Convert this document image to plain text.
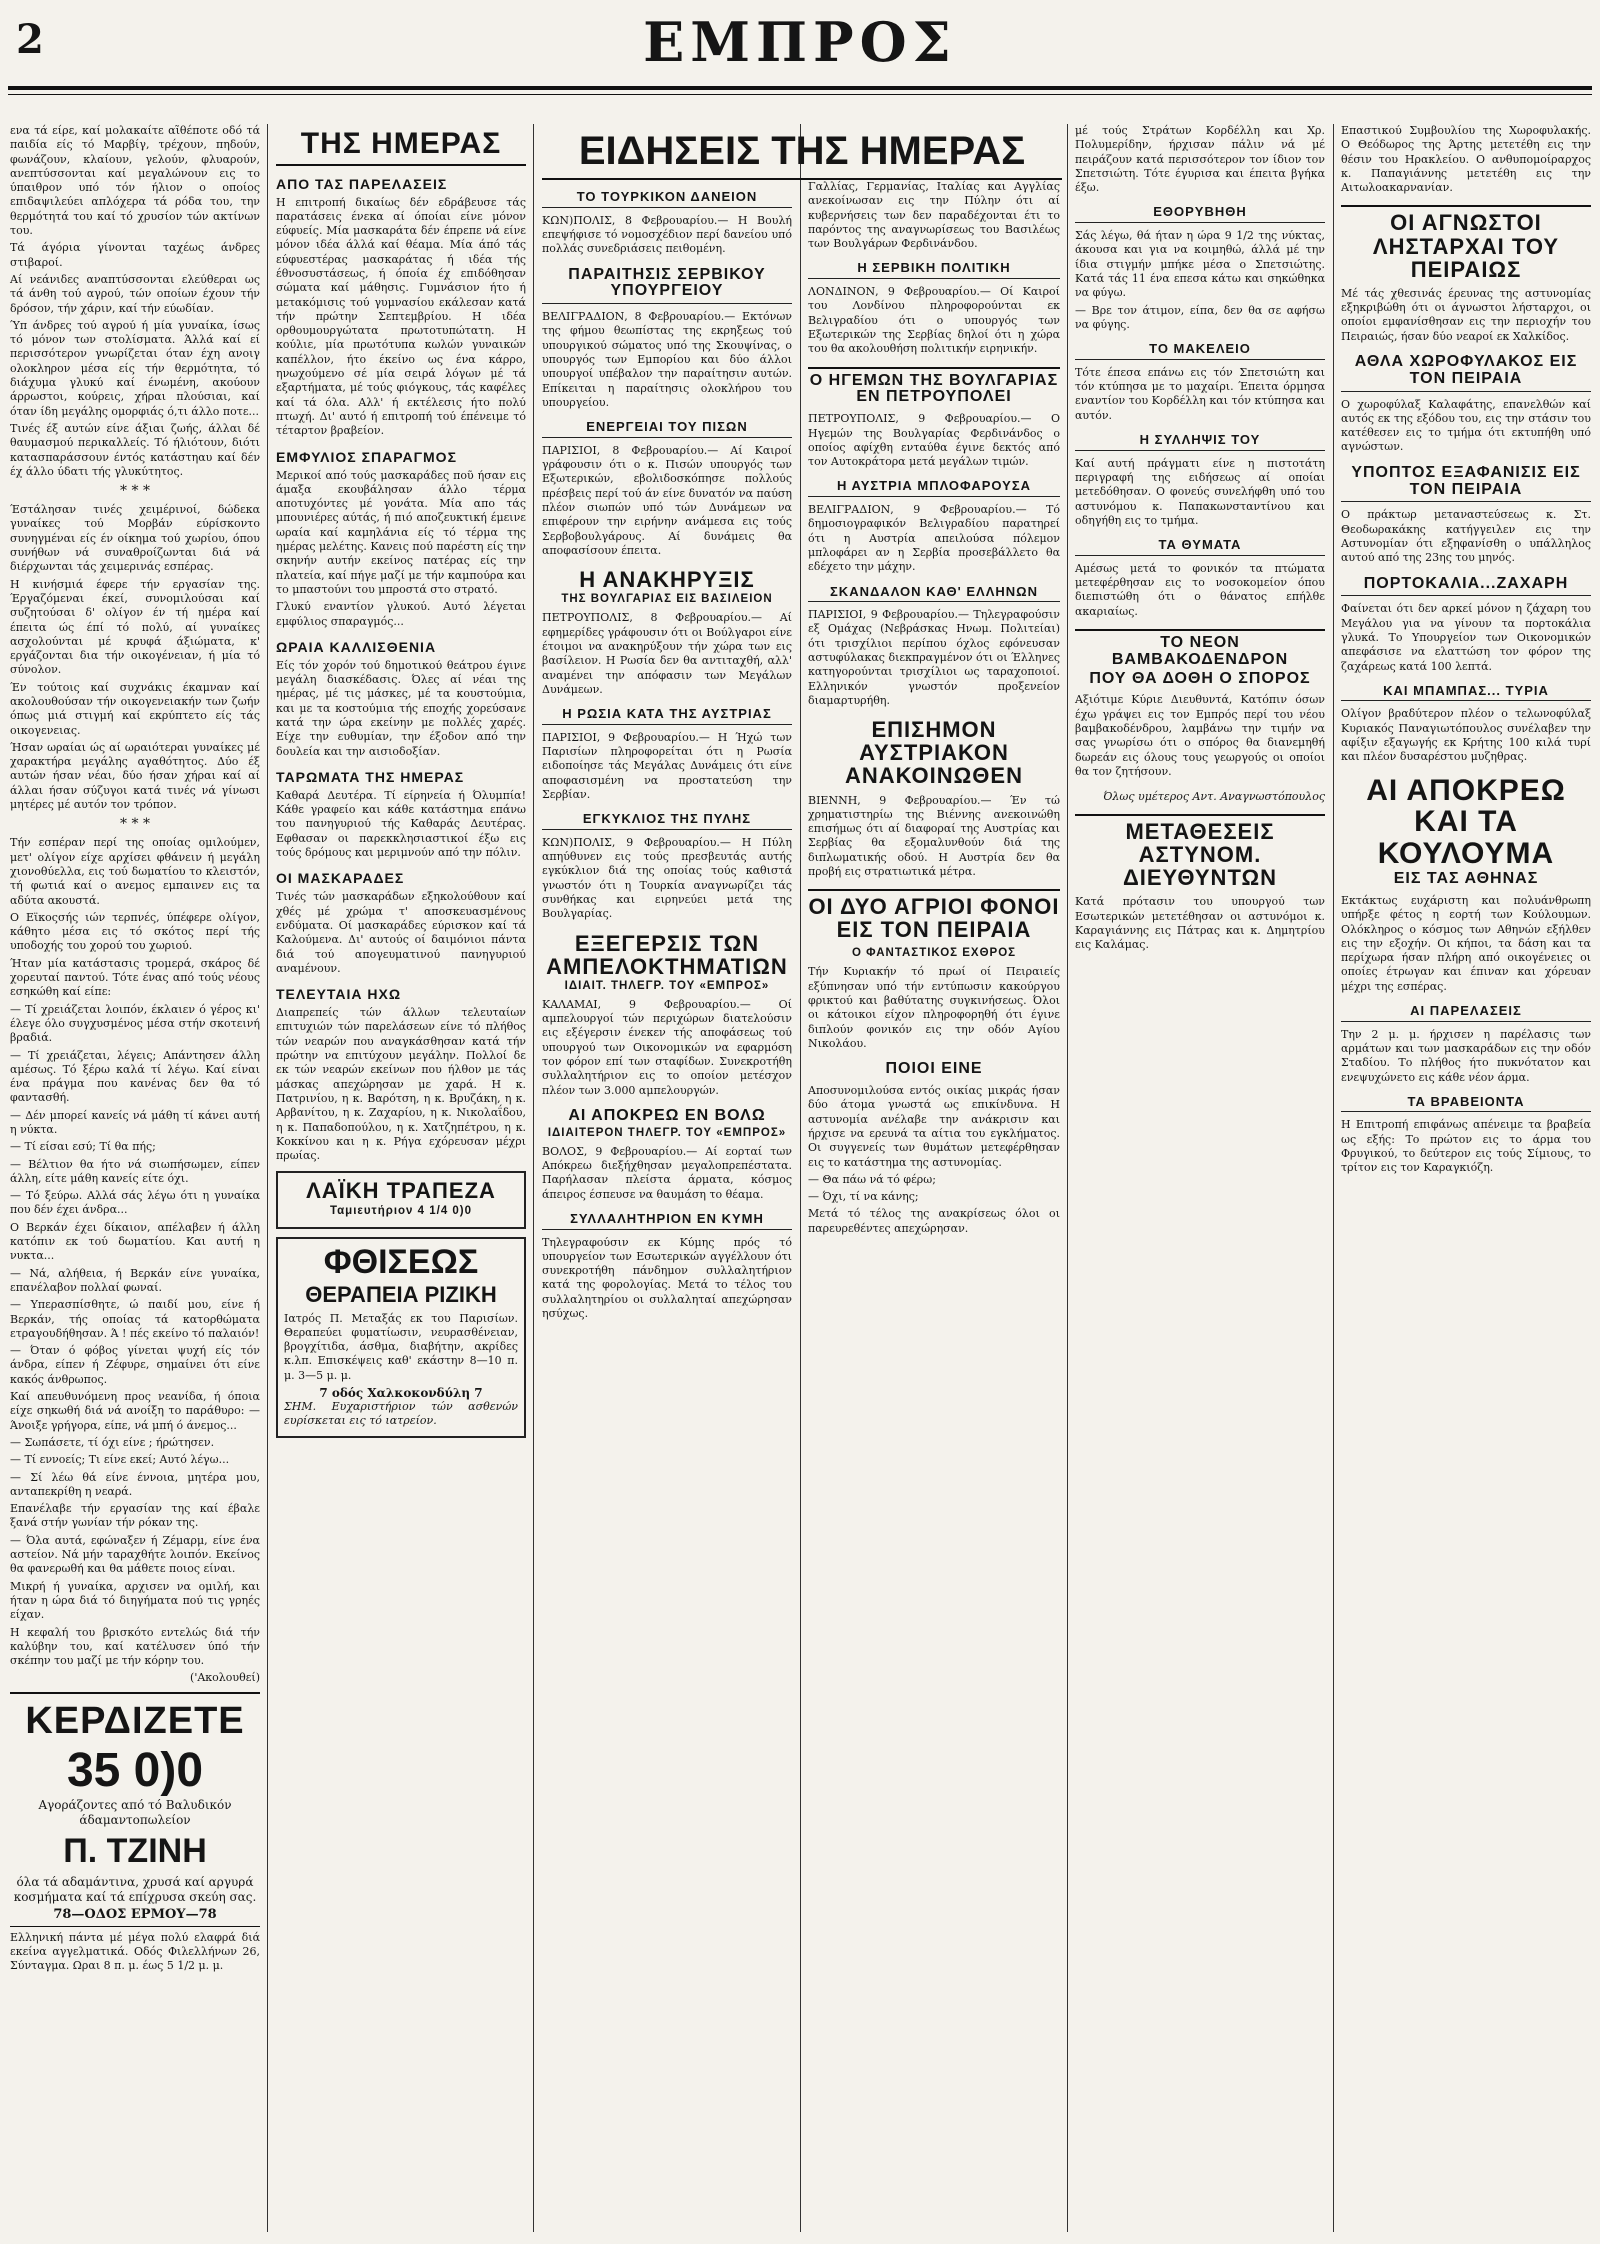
2	ΕΜΠΡΟΣ

ενα τά είρε, καί μολακαίτε αι̃θέποτε οδό τά παιδία είς τό Μαρβίγ, τρέχουν, πηδούν, φωνάζουν, κλαίουν, γελούν, φλυαρούν, ανεπτύσσονται καί μεγαλώνουν εις το ύπαιθρον υπό τόν ήλιον ο οποίος επιδαψιλεύει απλόχερα τά ρόδα του, την θερμότητά του καί τό χρυσίον τών ακτίνων του.

Τά άγόρια γίνονται ταχέως άνδρες στιβαροί.

Αί νεάνιδες αναπτύσσονται ελεύθεραι ως τά άνθη τού αγρού, τών οποίων έχουν τήν δρόσον, τήν χάριν, καί τήν εύωδίαν.

Ύπ άνδρες τού αγρού ή μία γυναίκα, ίσως τό μόνον των στολίσματα. Άλλά καί εί περισσότερον γνωρίζεται όταν έχη ανοιγ ολοκληρον μέσα είς τήν θερμότητα, τό διάχυμα γλυκύ καί ένωμένη, ακούουν άρρωστοι, κούρεις, χήραι πλούσιαι, καί όταν ίδη μεγάλης ομορφιάς ό,τι άλλο ποτε...

Τινές έξ αυτών είνε άξιαι ζωής, άλλαι δέ θαυμασμού περικαλλείς. Τό ήλιότουν, διότι κατασπαράσσουν έντός κατάστηαυ καί δέν έχ άλλο ύδατι τής γλυκύτητος.

* * *

Έστάλησαν τινές χειμέρινοί, δώδεκα γυναίκες τού Μορβάν εύρίσκοντο συνηγμέναι είς έν οίκημα τού χωρίου, όπου συνήθων νά συναθροίζωνται διά νά διέρχωνται τάς χειμερινάς εσπέρας.

Η κινήσμιά έφερε τήν εργασίαν της. Έργαζόμεναι έκεί, συνομιλούσαι καί συζητούσαι δ' ολίγον έν τή ημέρα καί έπειτα ώς έπί τό πολύ, αί γυναίκες ασχολούνται μέ κρυφά άξιώματα, κ' εργάζονται δια τήν οικογένειαν, ή μία τό σύνολον.

Έν τούτοις καί συχνάκις έκαμναν καί ακολουθούσαν τήν οικογενειακήν των ζωήν όπως μιά στιγμή καί εκρύπτετο είς τάς οικογενειας.

Ήσαν ωραίαι ώς αί ωραιότεραι γυναίκες μέ χαρακτήρα μεγάλης αγαθότητος. Δύο έξ αυτών ήσαν νέαι, δύο ήσαν χήραι καί αί άλλαι ήσαν σύζυγοι κατά τινές νά γίνωσι μητέρες μέ αυτόν τον τρόπον.

* * *

Τήν εσπέραν περί της οποίας ομιλούμεν, μετ' ολίγον είχε αρχίσει φθάνειν ή μεγάλη χιονοθύελλα, εις τού δωματίου το κλειστόν, τή φωτιά καί ο ανεμος εμπαινεν εις τα αδύτα ακουστά.

Ο Εϊκοςσής ιών τερπνές, ύπέφερε ολίγον, κάθητο μέσα εις τό σκότος περί τής υποδοχής του χορού του χωριού.

Ήταν μία κατάστασις τρομερά, σκάρος δέ χορευταί παντού. Τότε ένας από τούς νέους εσηκώθη καί είπε:

— Τί χρειάζεται λοιπόν, έκλαιεν ό γέρος κι' έλεγε όλο συγχυσμένος μέσα στήν σκοτεινή βραδιά.

— Τί χρειάζεται, λέγεις; Απάντησεν άλλη αμέσως. Τό ξέρω καλά τί λέγω. Καί είναι ένα πράγμα που κανένας δεν θα τό φαντασθή.

— Δέν μπορεί κανείς νά μάθη τί κάνει αυτή η νύκτα.

— Τί είσαι εσύ; Τί θα πής;

— Βέλτιον θα ήτο νά σιωπήσωμεν, είπεν άλλη, είτε μάθη κανείς είτε όχι.

— Τό ξεύρω. Αλλά σάς λέγω ότι η γυναίκα που δέν έχει άνδρα...

Ο Βερκάν έχει δίκαιον, απέλαβεν ή άλλη κατόπιν εκ τού δωματίου. Και αυτή η νυκτα...

— Νά, αλήθεια, ή Βερκάν είνε γυναίκα, επανέλαβον πολλαί φωναί.

— Υπερασπίσθητε, ώ παιδί μου, είνε ή Βερκάν, τής οποίας τά κατορθώματα ετραγουδήθησαν. Ά ! πές εκείνο τό παλαιόν!

— Όταν ό φόβος γίνεται ψυχή είς τόν άνδρα, είπεν ή Ζέφυρε, σημαίνει ότι είνε κακός άνθρωπος.

Καί απευθυνόμενη προς νεανίδα, ή όποια είχε σηκωθή διά νά ανοίξη το παράθυρο: — Άνοιξε γρήγορα, είπε, νά μπή ό άνεμος...

— Σωπάσετε, τί όχι είνε ; ήρώτησεν.

— Τί εννοείς; Τι είνε εκεί; Αυτό λέγω...

— Σί λέω θά είνε έννοια, μητέρα μου, ανταπεκρίθη η νεαρά.

Επανέλαβε τήν εργασίαν της καί έβαλε ξανά στήν γωνίαν τήν ρόκαν της.

— Όλα αυτά, εφώναξεν ή Ζέμαρμ, είνε ένα αστείον. Νά μήν ταραχθήτε λοιπόν. Εκείνος θα φανερωθή και θα μάθετε ποιος είναι.

Μικρή ή γυναίκα, αρχισεν να ομιλή, και ήταν η ώρα διά τό διηγήματα πού τις γρηές είχαν.

Η κεφαλή του βρισκότο εντελώς διά τήν καλύβην του, καί κατέλυσεν ύπό τήν σκέπην του μαζί με τήν κόρην του.

('Ακολουθεί)

ΚΕΡΔΙΖΕΤΕ
35 0)0
Αγοράζοντες από τό Βαλυδικόν άδαμαντοπωλείον
Π. ΤΖΙΝΗ
όλα τά αδαμάντινα, χρυσά καί αργυρά κοσμήματα καί τά επίχρυσα σκεύη σας.
78—ΟΔΟΣ ΕΡΜΟΥ—78

Ελληνική πάντα μέ μέγα πολύ ελαφρά διά εκείνα αγγελματικά. Οδός Φιλελλήνων 26, Σύνταγμα. Ωραι 8 π. μ. έως 5 1/2 μ. μ.

ΤΗΣ ΗΜΕΡΑΣ
ΑΠΟ ΤΑΣ ΠΑΡΕΛΑΣΕΙΣ

Η επιτροπή δικαίως δέν εδράβευσε τάς παρατάσεις ένεκα αί όποίαι είνε μόνον εύφυείς. Μία μασκαράτα δέν έπρεπε νά είνε μόνον ιδέα άλλά καί θέαμα. Μία άπό τάς εύφυεστέρας μασκαράτας ή ιδέα τής έθνοσυστάσεως, ή όποία έχ επιδόθησαν σώματα καί μάθησις. Γυμνάσιον ήτο ή μετακόμισις τού γυμνασίου εκάλεσαν κατά τήν πρώτην Σεπτεμβρίου. Η ιδέα ορθουμουργώτατα πρωτοτυπώτατη. Η κούλιε, μία πρωτότυπα κωλών γυναικών καπέλλον, ήτο έκείνο ως ένα κάρρο, ηνωχούμενο σέ μία σειρά λόγων μέ τά εξαρτήματα, μέ τούς φιόγκους, τάς καφέλες καί τά όλα. Αλλ' ή εκτέλεσις ήτο πολύ πτωχή. Δι' αυτό ή επιτροπή τού έπένειμε τό τέταρτον βραβείον.

ΕΜΦΥΛΙΟΣ ΣΠΑΡΑΓΜΟΣ

Μερικοί από τούς μασκαράδες ποῦ ήσαν εις άμαξα εκουβάλησαν άλλο τέρμα αποτυχόντες μέ γονάτα. Μία απο τάς μπουνιέρες αύτάς, ή πιό αποζευκτική έμεινε ωραία καί καμηλάνια είς τό τέρμα της ημέρας μελέτης. Κανεις πού παρέστη είς την σκηνήν αυτήν εκείνος πατέρας είς την πλατεία, καί πήγε μαζί με τήν καμπούρα και το μπαστούνι του μπροστά στο στρατό.

Γλυκύ εναντίον γλυκού. Αυτό λέγεται εμφύλιος σπαραγμός...

ΩΡΑΙΑ ΚΑΛΛΙΣΘΕΝΙΑ

Είς τόν χορόν τού δημοτικού θεάτρου έγινε μεγάλη διασκέδασις. Όλες αί νέαι της ημέρας, μέ τις μάσκες, μέ τα κουστούμια, και με τα κοστούμια τής εποχής χορεύσανε κατά την ώρα εκείνην με πολλές χαρές. Είχε την ευθυμίαν, την έξοδον από την δουλεία και την αισιοδοξίαν.

ΤΑΡΩΜΑΤΑ ΤΗΣ ΗΜΕΡΑΣ

Καθαρά Δευτέρα. Τί είρηνεία ή Όλυμπία! Κάθε γραφείο και κάθε κατάστημα επάνω του πανηγυριού τής Καθαράς Δευτέρας. Εφθασαν οι παρεκκλησιαστικοί έξω εις τούς δρόμους και μεριμνούν από την πόλιν.

ΟΙ ΜΑΣΚΑΡΑΔΕΣ

Τινές τών μασκαράδων εξηκολούθουν καί χθές μέ χρώμα τ' αποσκευασμένους ενδύματα. Οί μασκαράδες εύρισκον καί τά Καλούμενα. Δι' αυτούς οί δαιμόνιοι πάντα διά τού απογευματινού πανηγυριού αναμένουν.

ΤΕΛΕΥΤΑΙΑ ΗΧΩ

Διαπρεπείς τών άλλων τελευταίων επιτυχιών τών παρελάσεων είνε τό πλήθος τών νεαρών που αναγκάσθησαν κατά τήν πρώτην να επιτύχουν μεγάλην. Πολλοί δε εκ τών νεαρών εκείνων που ήλθον με τάς μάσκας απεχώρησαν με χαρά. Η κ. Πατρινίου, η κ. Βαρότση, η κ. Βρυζάκη, η κ. Αρβανίτου, η κ. Ζαχαρίου, η κ. Νικολαΐδου, η κ. Παπαδοπούλου, η κ. Χατζηπέτρου, η κ. Κοκκίνου και η κ. Ρήγα εχόρευσαν μέχρι πρωίας.

ΛΑΪΚΗ ΤΡΑΠΕΖΑ
Ταμιευτήριον 4 1/4 0)0
ΦΘΙΣΕΩΣ
ΘΕΡΑΠΕΙΑ ΡΙΖΙΚΗ

Ιατρός Π. Μεταξάς εκ του Παρισίων. Θεραπεύει φυματίωσιν, νευρασθένειαν, βρογχίτιδα, άσθμα, διαβήτην, ακρίδες κ.λπ. Επισκέψεις καθ' εκάστην 8—10 π. μ. 3—5 μ. μ.

7 οδός Χαλκοκονδύλη 7

ΣΗΜ. Ευχαριστήριον τών ασθενών ευρίσκεται εις τό ιατρείον.

ΕΙΔΗΣΕΙΣ ΤΗΣ ΗΜΕΡΑΣ
ΤΟ ΤΟΥΡΚΙΚΟΝ ΔΑΝΕΙΟΝ

ΚΩΝ)ΠΟΛΙΣ, 8 Φεβρουαρίου.— Η Βουλή επεψήφισε τό νομοσχέδιον περί δανείου υπό πολλάς συνεδριάσεις πειθομένη.

ΠΑΡΑΙΤΗΣΙΣ ΣΕΡΒΙΚΟΥ ΥΠΟΥΡΓΕΙΟΥ

ΒΕΛΙΓΡΑΔΙΟΝ, 8 Φεβρουαρίου.— Εκτόνων της φήμου θεωπίστας της εκρηξεως τού υπουργικού σώματος υπό της Σκουψίνας, ο υπουργός των Εμπορίου και δύο άλλοι υπουργοί υπέβαλον την παραίτησιν αυτών. Επίκειται η παραίτησις ολοκλήρου του υπουργείου.

ΕΝΕΡΓΕΙΑΙ ΤΟΥ ΠΙΣΩΝ

ΠΑΡΙΣΙΟΙ, 8 Φεβρουαρίου.— Αί Καιροί γράφουσιν ότι ο κ. Πισών υπουργός των Εξωτερικών, εβολιδοσκόπησε πολλούς πρέσβεις περί τού άν είνε δυνατόν να παύση πλέον σιωπών υπό τών Δυνάμεων να επιφέρουν την ειρήνην ανάμεσα εις τούς Σερβοβουλγάρους. Αί δυνάμεις θα αποφασίσουν έπειτα.

Η ΑΝΑΚΗΡΥΞΙΣ
ΤΗΣ ΒΟΥΛΓΑΡΙΑΣ ΕΙΣ ΒΑΣΙΛΕΙΟΝ

ΠΕΤΡΟΥΠΟΛΙΣ, 8 Φεβρουαρίου.— Αί εφημερίδες γράφουσιν ότι οι Βούλγαροι είνε έτοιμοι να ανακηρύξουν τήν χώρα των εις βασίλειον. Η Ρωσία δεν θα αντιταχθή, αλλ' αναμένει την απόφασιν των Μεγάλων Δυνάμεων.

Η ΡΩΣΙΑ ΚΑΤΑ ΤΗΣ ΑΥΣΤΡΙΑΣ

ΠΑΡΙΣΙΟΙ, 9 Φεβρουαρίου.— Η Ήχώ των Παρισίων πληροφορείται ότι η Ρωσία ειδοποίησε τάς Μεγάλας Δυνάμεις ότι είνε αποφασισμένη να προστατεύση την Σερβίαν.

ΕΓΚΥΚΛΙΟΣ ΤΗΣ ΠΥΛΗΣ

ΚΩΝ)ΠΟΛΙΣ, 9 Φεβρουαρίου.— Η Πύλη απηύθυνεν εις τούς πρεσβευτάς αυτής εγκύκλιον διά της οποίας τούς καθιστά γνωστόν ότι η Τουρκία αναγνωρίζει τάς συνθήκας και ειρηνεύει μετά της Βουλγαρίας.

ΕΞΕΓΕΡΣΙΣ ΤΩΝ ΑΜΠΕΛΟΚΤΗΜΑΤΙΩΝ
ΙΔΙΑΙΤ. ΤΗΛΕΓΡ. ΤΟΥ «ΕΜΠΡΟΣ»

ΚΑΛΑΜΑΙ, 9 Φεβρουαρίου.— Οί αμπελουργοί τών περιχώρων διατελούσιν εις εξέγερσιν ένεκεν τής αποφάσεως τού υπουργού των Οικονομικών να εφαρμόση τον φόρον επί των σταφίδων. Συνεκροτήθη συλλαλητήριον εις το οποίον μετέσχον πλέον των 3.000 αμπελουργών.

ΑΙ ΑΠΟΚΡΕΩ ΕΝ ΒΟΛΩ
ΙΔΙΑΙΤΕΡΟΝ ΤΗΛΕΓΡ. ΤΟΥ «ΕΜΠΡΟΣ»

ΒΟΛΟΣ, 9 Φεβρουαρίου.— Αί εορταί των Απόκρεω διεξήχθησαν μεγαλοπρεπέστατα. Παρήλασαν πλείστα άρματα, κόσμος άπειρος έσπευσε να θαυμάση το θέαμα.

ΣΥΛΛΑΛΗΤΗΡΙΟΝ ΕΝ ΚΥΜΗ

Τηλεγραφούσιν εκ Κύμης πρός τό υπουργείον των Εσωτερικών αγγέλλουν ότι συνεκροτήθη πάνδημον συλλαλητήριον κατά της φορολογίας. Μετά το τέλος του συλλαλητηρίου οι συλλαληταί απεχώρησαν ησύχως.

Γαλλίας, Γερμανίας, Ιταλίας και Αγγλίας ανεκοίνωσαν εις την Πύλην ότι αί κυβερνήσεις των δεν παραδέχονται έτι το παρόντος της αναγνωρίσεως του Βασιλέως των Βουλγάρων Φερδινάνδου.

Η ΣΕΡΒΙΚΗ ΠΟΛΙΤΙΚΗ

ΛΟΝΔΙΝΟΝ, 9 Φεβρουαρίου.— Οί Καιροί του Λονδίνου πληροφορούνται εκ Βελιγραδίου ότι ο υπουργός των Εξωτερικών της Σερβίας δηλοί ότι η χώρα του θα ακολουθήση πολιτικήν ειρηνικήν.

Ο ΗΓΕΜΩΝ ΤΗΣ ΒΟΥΛΓΑΡΙΑΣ ΕΝ ΠΕΤΡΟΥΠΟΛΕΙ

ΠΕΤΡΟΥΠΟΛΙΣ, 9 Φεβρουαρίου.— Ο Ηγεμών της Βουλγαρίας Φερδινάνδος ο οποίος αφίχθη ενταύθα έγινε δεκτός από τον Αυτοκράτορα μετά μεγάλων τιμών.

Η ΑΥΣΤΡΙΑ ΜΠΛΟΦΑΡΟΥΣΑ

ΒΕΛΙΓΡΑΔΙΟΝ, 9 Φεβρουαρίου.— Τό δημοσιογραφικόν Βελιγραδίου παρατηρεί ότι η Αυστρία απειλούσα πόλεμον μπλοφάρει αν η Σερβία προσεβάλλετο θα εδέχετο την μάχην.

ΣΚΑΝΔΑΛΟΝ ΚΑΘ' ΕΛΛΗΝΩΝ

ΠΑΡΙΣΙΟΙ, 9 Φεβρουαρίου.— Τηλεγραφούσιν εξ Ομάχας (Νεβράσκας Ηνωμ. Πολιτείαι) ότι τρισχίλιοι περίπου όχλος εφόνευσαν αστυφύλακας διεκπραγμένον ότι οι Έλληνες κατηγορούνται τρισχίλιοι ως ταραχοποιοί. Ελληνικόν γνωστόν προξενείον διαμαρτυρήθη.

ΕΠΙΣΗΜΟΝ ΑΥΣΤΡΙΑΚΟΝ ΑΝΑΚΟΙΝΩΘΕΝ

ΒΙΕΝΝΗ, 9 Φεβρουαρίου.— Έν τώ χρηματιστηρίω της Βιέννης ανεκοινώθη επισήμως ότι αί διαφοραί της Αυστρίας και Σερβίας θα εξομαλυνθούν διά της διπλωματικής οδού. Η Αυστρία δεν θα προβή εις στρατιωτικά μέτρα.

ΟΙ ΔΥΟ ΑΓΡΙΟΙ ΦΟΝΟΙ ΕΙΣ ΤΟΝ ΠΕΙΡΑΙΑ
Ο ΦΑΝΤΑΣΤΙΚΟΣ ΕΧΘΡΟΣ

Τήν Κυριακήν τό πρωί οί Πειραιείς εξύπνησαν υπό τήν εντύπωσιν κακούργου φρικτού και βαθύτατης συγκινήσεως. Όλοι οι κάτοικοι είχον πληροφορηθή ότι έγινε διπλούν φονικόν εις την οδόν Αγίου Νικολάου.

ΠΟΙΟΙ ΕΙΝΕ

Αποσυνομιλούσα εντός οικίας μικράς ήσαν δύο άτομα γνωστά ως επικίνδυνα. Η αστυνομία ανέλαβε την ανάκρισιν και ήρχισε να ερευνά τα αίτια του εγκλήματος. Οι συγγενείς των θυμάτων μετεφέρθησαν εις το κατάστημα της αστυνομίας.

— Θα πάω νά τό φέρω;

— Όχι, τί να κάνης;

Μετά τό τέλος της ανακρίσεως όλοι οι παρευρεθέντες απεχώρησαν.

μέ τούς Στράτων Κορδέλλη και Χρ. Πολυμερίδην, ήρχισαν πάλιν νά μέ πειράζουν κατά περισσότερον τον ίδιον τον Σπετσιώτη. Τότε έγυρισα και έπειτα βγήκα έξω.

ΕΘΟΡΥΒΗΘΗ

Σάς λέγω, θά ήταν η ώρα 9 1/2 της νύκτας, άκουσα και για να κοιμηθώ, άλλά μέ την ίδια στιγμήν μπήκε μέσα ο Σπετσιώτης. Κατά τάς 11 ένα επεσα κάτω και σηκώθηκα να φύγω.

— Βρε τον άτιμον, είπα, δεν θα σε αφήσω να φύγης.

ΤΟ ΜΑΚΕΛΕΙΟ

Τότε έπεσα επάνω εις τόν Σπετσιώτη και τόν κτύπησα με το μαχαίρι. Έπειτα όρμησα εναντίον του Κορδέλλη και τόν κτύπησα και αυτόν.

Η ΣΥΛΛΗΨΙΣ ΤΟΥ

Καί αυτή πράγματι είνε η πιστοτάτη περιγραφή της ειδήσεως αί οποίαι μετεδόθησαν. Ο φονεύς συνελήφθη υπό του αστυνόμου κ. Παπακωνσταντίνου και οδηγήθη εις το τμήμα.

ΤΑ ΘΥΜΑΤΑ

Αμέσως μετά το φονικόν τα πτώματα μετεφέρθησαν εις το νοσοκομείον όπου διεπιστώθη ότι ο θάνατος επήλθε ακαριαίως.

ΤΟ ΝΕΟΝ ΒΑΜΒΑΚΟΔΕΝΔΡΟΝ
ΠΟΥ ΘΑ ΔΟΘΗ Ο ΣΠΟΡΟΣ

Αξιότιμε Κύριε Διευθυντά, Κατόπιν όσων έχω γράψει εις τον Εμπρός περί του νέου βαμβακοδένδρου, λαμβάνω την τιμήν να σας γνωρίσω ότι ο σπόρος θα διανεμηθή δωρεάν εις όλους τους γεωργούς οι οποίοι θα τον ζητήσουν.

Όλως υμέτερος Αντ. Αναγνωστόπουλος

ΜΕΤΑΘΕΣΕΙΣ ΑΣΤΥΝΟΜ. ΔΙΕΥΘΥΝΤΩΝ

Κατά πρότασιν του υπουργού των Εσωτερικών μετετέθησαν οι αστυνόμοι κ. Καραγιάννης εις Πάτρας και κ. Δημητρίου εις Καλάμας.

Επαστικού Συμβουλίου της Χωροφυλακής. Ο Θεόδωρος της Άρτης μετετέθη εις την θέσιν του Ηρακλείου. Ο ανθυπομοίραρχος κ. Παπαγιάννης μετετέθη εις την Αιτωλοακαρνανίαν.

ΟΙ ΑΓΝΩΣΤΟΙ ΛΗΣΤΑΡΧΑΙ ΤΟΥ ΠΕΙΡΑΙΩΣ

Μέ τάς χθεσινάς έρευνας της αστυνομίας εξηκριβώθη ότι οι άγνωστοι λήσταρχοι, οι οποίοι εμφανίσθησαν εις την περιοχήν του Πειραιώς, ήσαν δύο νεαροί εκ Χαλκίδος.

ΑΘΛΑ ΧΩΡΟΦΥΛΑΚΟΣ ΕΙΣ ΤΟΝ ΠΕΙΡΑΙΑ

Ο χωροφύλαξ Καλαφάτης, επανελθών καί αυτός εκ της εξόδου του, εις την στάσιν του κατέθεσεν εις το τμήμα ότι εκτυπήθη υπό αγνώστων.

ΥΠΟΠΤΟΣ ΕΞΑΦΑΝΙΣΙΣ ΕΙΣ ΤΟΝ ΠΕΙΡΑΙΑ

Ο πράκτωρ μεταναστεύσεως κ. Στ. Θεοδωρακάκης κατήγγειλεν εις την Αστυνομίαν ότι εξηφανίσθη ο υπάλληλος αυτού από της 23ης του μηνός.

ΠΟΡΤΟΚΑΛΙΑ...ΖΑΧΑΡΗ

Φαίνεται ότι δεν αρκεί μόνον η ζάχαρη του Μεγάλου για να γίνουν τα πορτοκάλια γλυκά. Το Υπουργείον των Οικονομικών απεφάσισε να ελαττώση τον φόρον της ζαχάρεως κατά 100 λεπτά.

ΚΑΙ ΜΠΑΜΠΑΣ... ΤΥΡΙΑ

Ολίγον βραδύτερον πλέον ο τελωνοφύλαξ Κυριακός Παναγιωτόπουλος συνέλαβεν την αφίξιν εξαγωγής εκ Κρήτης 100 κιλά τυρί και πλέον δυσαρέστου μυζηθρας.

ΑΙ ΑΠΟΚΡΕΩ ΚΑΙ ΤΑ ΚΟΥΛΟΥΜΑ
ΕΙΣ ΤΑΣ ΑΘΗΝΑΣ

Εκτάκτως ευχάριστη και πολυάνθρωπη υπήρξε φέτος η εορτή των Κούλουμων. Ολόκληρος ο κόσμος των Αθηνών εξήλθεν εις την εξοχήν. Οι κήποι, τα δάση και τα περίχωρα ήσαν πλήρη από οικογένειες οι οποίες έτρωγαν και έπιναν και χόρευαν μέχρι της εσπέρας.

ΑΙ ΠΑΡΕΛΑΣΕΙΣ

Την 2 μ. μ. ήρχισεν η παρέλασις των αρμάτων και των μασκαράδων εις την οδόν Σταδίου. Το πλήθος ήτο πυκνότατον και ενεψυχώνετο εις κάθε νέον άρμα.

ΤΑ ΒΡΑΒΕΙΟΝΤΑ

Η Επιτροπή επιφάνως απένειμε τα βραβεία ως εξής: Το πρώτον εις το άρμα του Φρυγικού, το δεύτερον εις τούς Σίμιους, το τρίτον εις τον Καραγκιόζη.
